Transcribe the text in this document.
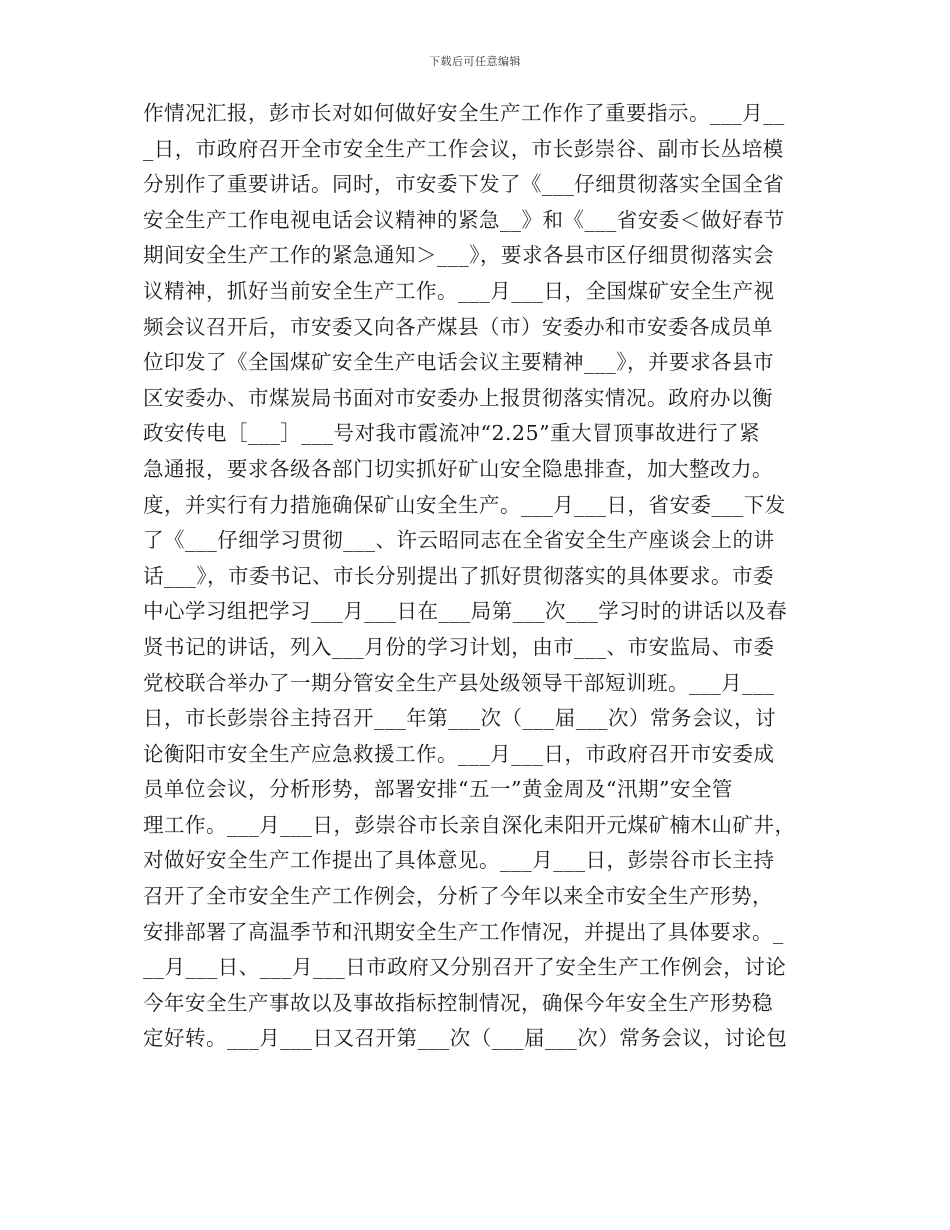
下载后可任意编辑
作情况汇报，彭市长对如何做好安全生产工作作了重要指示。___月__
_日，市政府召开全市安全生产工作会议，市长彭崇谷、副市长丛培模
分别作了重要讲话。同时，市安委下发了《___仔细贯彻落实全国全省
安全生产工作电视电话会议精神的紧急__》和《___省安委＜做好春节
期间安全生产工作的紧急通知＞___》，要求各县市区仔细贯彻落实会
议精神，抓好当前安全生产工作。___月___日，全国煤矿安全生产视
频会议召开后，市安委又向各产煤县（市）安委办和市安委各成员单
位印发了《全国煤矿安全生产电话会议主要精神___》，并要求各县市
区安委办、市煤炭局书面对市安委办上报贯彻落实情况。政府办以衡
政安传电［___］___号对我市霞流冲“2.25”重大冒顶事故进行了紧
急通报，要求各级各部门切实抓好矿山安全隐患排查，加大整改力。
度，并实行有力措施确保矿山安全生产。___月___日，省安委___下发
了《___仔细学习贯彻___、许云昭同志在全省安全生产座谈会上的讲
话___》，市委书记、市长分别提出了抓好贯彻落实的具体要求。市委
中心学习组把学习___月___日在___局第___次___学习时的讲话以及春
贤书记的讲话，列入___月份的学习计划，由市___、市安监局、市委
党校联合举办了一期分管安全生产县处级领导干部短训班。___月___
日，市长彭崇谷主持召开___年第___次（___届___次）常务会议，讨
论衡阳市安全生产应急救援工作。___月___日，市政府召开市安委成
员单位会议，分析形势，部署安排“五一”黄金周及“汛期”安全管
理工作。___月___日，彭崇谷市长亲自深化耒阳开元煤矿楠木山矿井，
对做好安全生产工作提出了具体意见。___月___日，彭崇谷市长主持
召开了全市安全生产工作例会，分析了今年以来全市安全生产形势，
安排部署了高温季节和汛期安全生产工作情况，并提出了具体要求。_
__月___日、___月___日市政府又分别召开了安全生产工作例会，讨论
今年安全生产事故以及事故指标控制情况，确保今年安全生产形势稳
定好转。___月___日又召开第___次（___届___次）常务会议，讨论包
